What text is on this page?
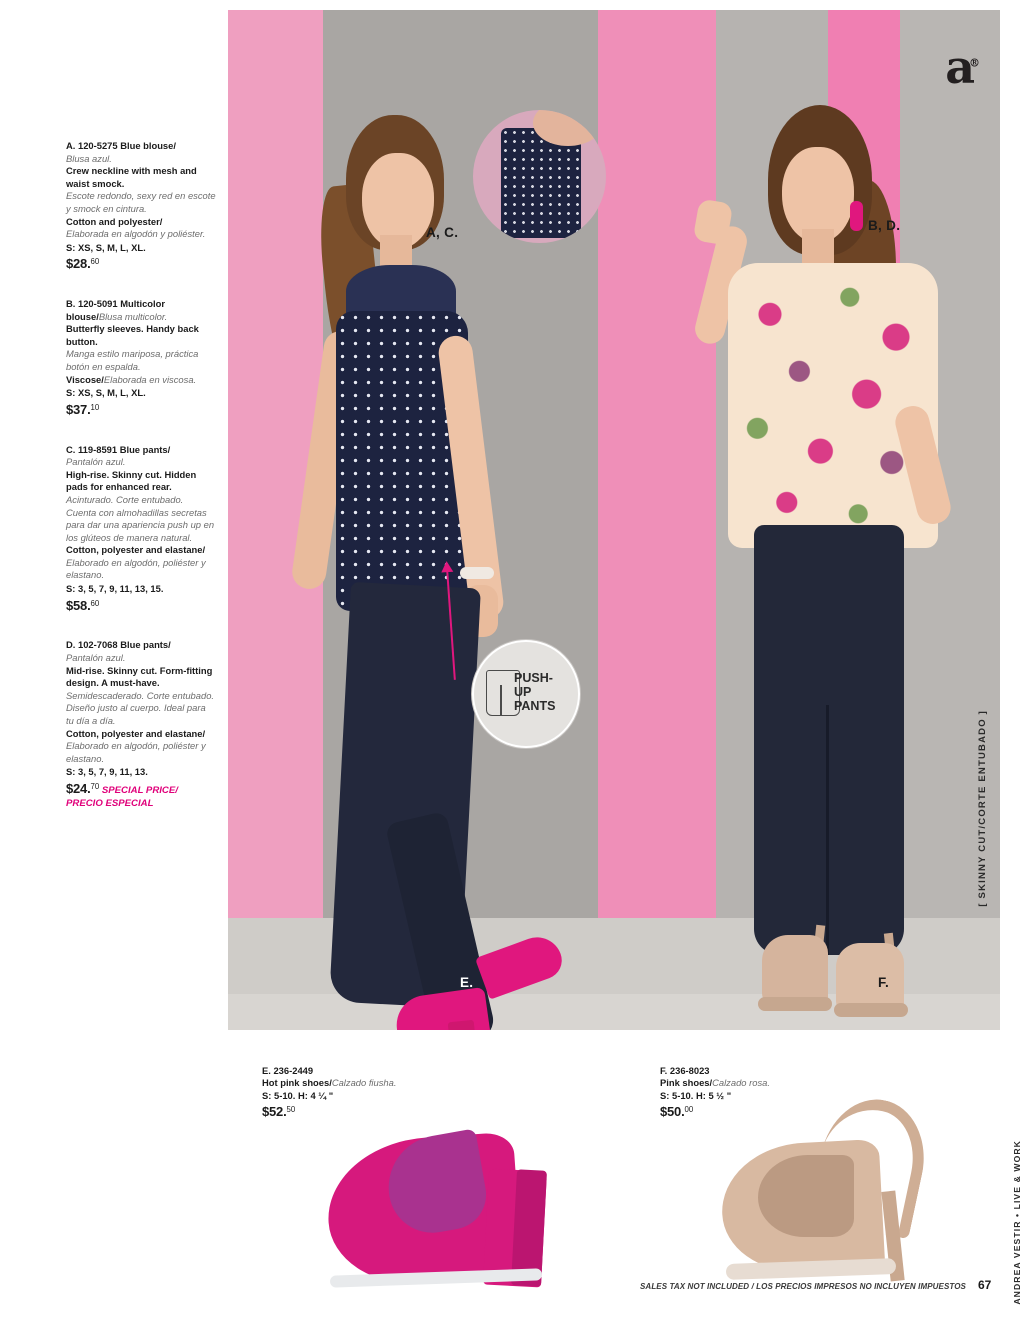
a®
A, C.	B, D.
E.	F.
PUSH-UP
PANTS
[ SKINNY CUT/CORTE ENTUBADO ]
A. 120-5275 Blue blouse/
Blusa azul.
Crew neckline with mesh and waist smock.
Escote redondo, sexy red en escote y smock en cintura.
Cotton and polyester/
Elaborada en algodón y poliéster.
S: XS, S, M, L, XL.
$28.60
B. 120-5091 Multicolor blouse/Blusa multicolor.
Butterfly sleeves. Handy back button.
Manga estilo mariposa, práctica botón en espalda.
Viscose/Elaborada en viscosa.
S: XS, S, M, L, XL.
$37.10
C. 119-8591 Blue pants/
Pantalón azul.
High-rise. Skinny cut. Hidden pads for enhanced rear.
Acinturado. Corte entubado. Cuenta con almohadillas secretas para dar una apariencia push up en los glúteos de manera natural.
Cotton, polyester and elastane/
Elaborado en algodón, poliéster y elastano.
S: 3, 5, 7, 9, 11, 13, 15.
$58.60
D. 102-7068 Blue pants/
Pantalón azul.
Mid-rise. Skinny cut. Form-fitting design. A must-have.
Semidescaderado. Corte entubado. Diseño justo al cuerpo. Ideal para tu día a día.
Cotton, polyester and elastane/
Elaborado en algodón, poliéster y elastano.
S: 3, 5, 7, 9, 11, 13.
$24.70 SPECIAL PRICE/ PRECIO ESPECIAL
E. 236-2449
Hot pink shoes/Calzado fiusha.
S: 5-10. H: 4 ¼ "
$52.50
F. 236-8023
Pink shoes/Calzado rosa.
S: 5-10. H: 5 ½ "
$50.00
SALES TAX NOT INCLUDED / LOS PRECIOS IMPRESOS NO INCLUYEN IMPUESTOS 67 ANDREA VESTIR • LIVE & WORK
